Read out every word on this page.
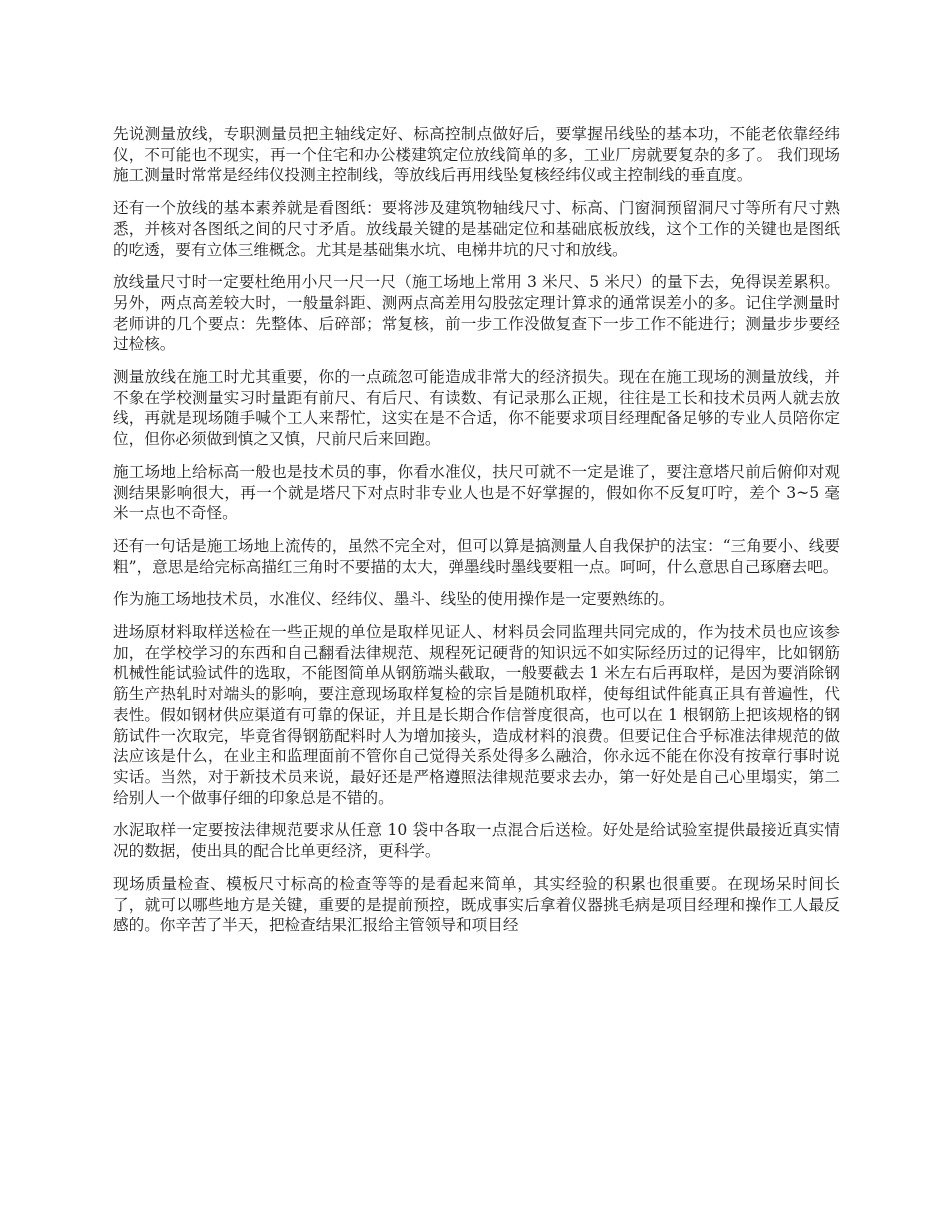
先说测量放线，专职测量员把主轴线定好、标高控制点做好后，要掌握吊线坠的基本功，不能老依靠经纬仪，不可能也不现实，再一个住宅和办公楼建筑定位放线简单的多，工业厂房就要复杂的多了。 我们现场施工测量时常常是经纬仪投测主控制线，等放线后再用线坠复核经纬仪或主控制线的垂直度。

还有一个放线的基本素养就是看图纸：要将涉及建筑物轴线尺寸、标高、门窗洞预留洞尺寸等所有尺寸熟悉，并核对各图纸之间的尺寸矛盾。放线最关键的是基础定位和基础底板放线，这个工作的关键也是图纸的吃透，要有立体三维概念。尤其是基础集水坑、电梯井坑的尺寸和放线。

放线量尺寸时一定要杜绝用小尺一尺一尺（施工场地上常用 3 米尺、5 米尺）的量下去，免得误差累积。另外，两点高差较大时，一般量斜距、测两点高差用勾股弦定理计算求的通常误差小的多。记住学测量时老师讲的几个要点：先整体、后碎部；常复核，前一步工作没做复查下一步工作不能进行；测量步步要经过检核。

测量放线在施工时尤其重要，你的一点疏忽可能造成非常大的经济损失。现在在施工现场的测量放线，并不象在学校测量实习时量距有前尺、有后尺、有读数、有记录那么正规，往往是工长和技术员两人就去放线，再就是现场随手喊个工人来帮忙，这实在是不合适，你不能要求项目经理配备足够的专业人员陪你定位，但你必须做到慎之又慎，尺前尺后来回跑。

施工场地上给标高一般也是技术员的事，你看水准仪，扶尺可就不一定是谁了，要注意塔尺前后俯仰对观测结果影响很大，再一个就是塔尺下对点时非专业人也是不好掌握的，假如你不反复叮咛，差个 3~5 毫米一点也不奇怪。

还有一句话是施工场地上流传的，虽然不完全对，但可以算是搞测量人自我保护的法宝：“三角要小、线要粗”，意思是给完标高描红三角时不要描的太大，弹墨线时墨线要粗一点。呵呵，什么意思自己琢磨去吧。

作为施工场地技术员，水准仪、经纬仪、墨斗、线坠的使用操作是一定要熟练的。

进场原材料取样送检在一些正规的单位是取样见证人、材料员会同监理共同完成的，作为技术员也应该参加，在学校学习的东西和自己翻看法律规范、规程死记硬背的知识远不如实际经历过的记得牢，比如钢筋机械性能试验试件的选取，不能图简单从钢筋端头截取，一般要截去 1 米左右后再取样，是因为要消除钢筋生产热轧时对端头的影响，要注意现场取样复检的宗旨是随机取样，使每组试件能真正具有普遍性，代表性。假如钢材供应渠道有可靠的保证，并且是长期合作信誉度很高，也可以在 1 根钢筋上把该规格的钢筋试件一次取完，毕竟省得钢筋配料时人为增加接头，造成材料的浪费。但要记住合乎标准法律规范的做法应该是什么，在业主和监理面前不管你自己觉得关系处得多么融洽，你永远不能在你没有按章行事时说实话。当然，对于新技术员来说，最好还是严格遵照法律规范要求去办，第一好处是自己心里塌实，第二给别人一个做事仔细的印象总是不错的。

水泥取样一定要按法律规范要求从任意 10 袋中各取一点混合后送检。好处是给试验室提供最接近真实情况的数据，使出具的配合比单更经济，更科学。

现场质量检查、模板尺寸标高的检查等等的是看起来简单，其实经验的积累也很重要。在现场呆时间长了，就可以哪些地方是关键，重要的是提前预控，既成事实后拿着仪器挑毛病是项目经理和操作工人最反感的。你辛苦了半天，把检查结果汇报给主管领导和项目经
